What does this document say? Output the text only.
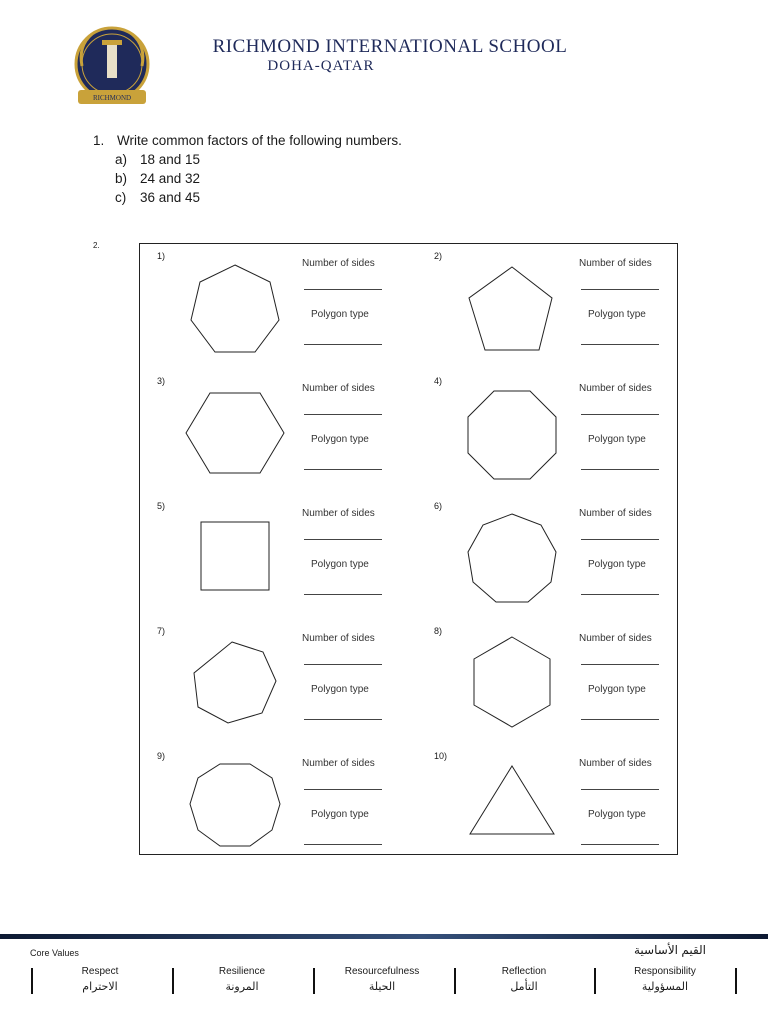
RICHMOND
RICHMOND INTERNATIONAL SCHOOL
DOHA-QATAR
1. Write common factors of the following numbers.
a) 18 and 15
b) 24 and 32
c) 36 and 45
2.
1)
Number of sides
Polygon type
2)
Number of sides
Polygon type
3)
Number of sides
Polygon type
4)
Number of sides
Polygon type
5)
Number of sides
Polygon type
6)
Number of sides
Polygon type
7)
Number of sides
Polygon type
8)
Number of sides
Polygon type
9)
Number of sides
Polygon type
10)
Number of sides
Polygon type
Core Values	القيم الأساسية
Respect
الاحترام
Resilience
المرونة
Resourcefulness
الحيلة
Reflection
التأمل
Responsibility
المسؤولية
